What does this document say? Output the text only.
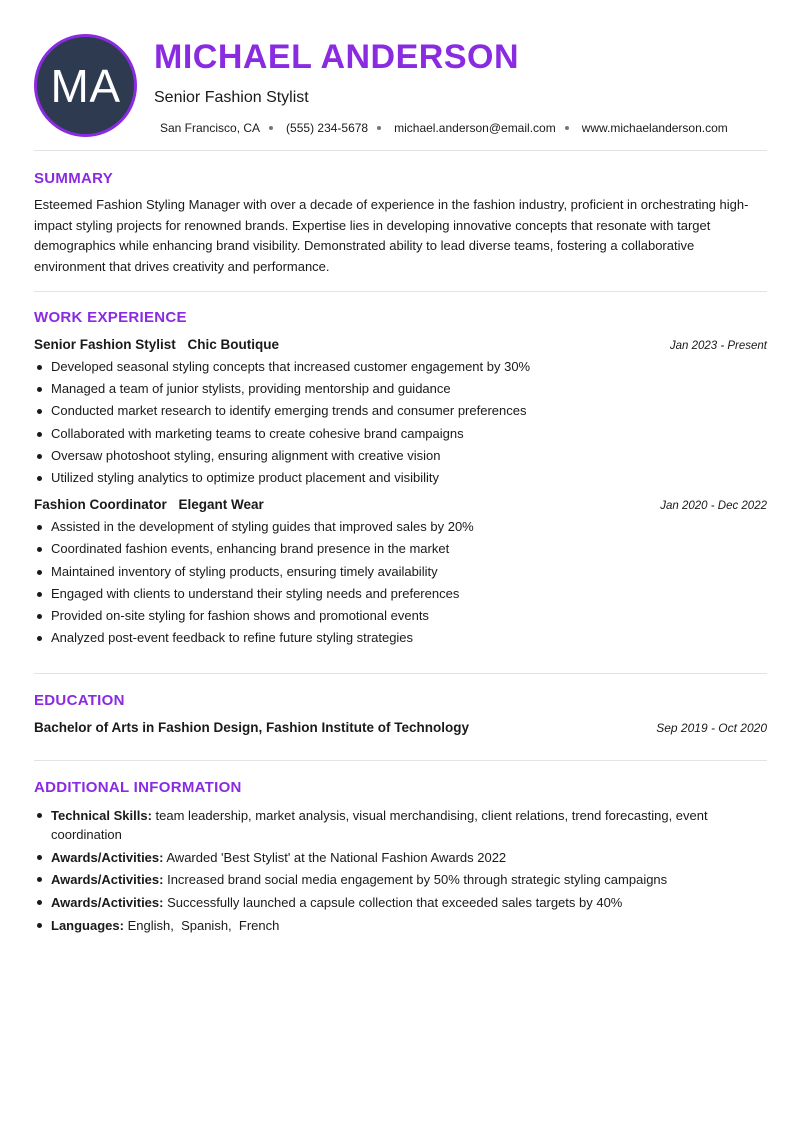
MA
MICHAEL ANDERSON
Senior Fashion Stylist
San Francisco, CA (555) 234-5678 michael.anderson@email.com www.michaelanderson.com
SUMMARY
Esteemed Fashion Styling Manager with over a decade of experience in the fashion industry, proficient in orchestrating high-impact styling projects for renowned brands. Expertise lies in developing innovative concepts that resonate with target demographics while enhancing brand visibility. Demonstrated ability to lead diverse teams, fostering a collaborative environment that drives creativity and performance.
WORK EXPERIENCE
Senior Fashion Stylist Chic Boutique	Jan 2023 - Present
Developed seasonal styling concepts that increased customer engagement by 30%
Managed a team of junior stylists, providing mentorship and guidance
Conducted market research to identify emerging trends and consumer preferences
Collaborated with marketing teams to create cohesive brand campaigns
Oversaw photoshoot styling, ensuring alignment with creative vision
Utilized styling analytics to optimize product placement and visibility
Fashion Coordinator Elegant Wear	Jan 2020 - Dec 2022
Assisted in the development of styling guides that improved sales by 20%
Coordinated fashion events, enhancing brand presence in the market
Maintained inventory of styling products, ensuring timely availability
Engaged with clients to understand their styling needs and preferences
Provided on-site styling for fashion shows and promotional events
Analyzed post-event feedback to refine future styling strategies
EDUCATION
Bachelor of Arts in Fashion Design, Fashion Institute of Technology	Sep 2019 - Oct 2020
ADDITIONAL INFORMATION
Technical Skills: team leadership, market analysis, visual merchandising, client relations, trend forecasting, event coordination
Awards/Activities: Awarded 'Best Stylist' at the National Fashion Awards 2022
Awards/Activities: Increased brand social media engagement by 50% through strategic styling campaigns
Awards/Activities: Successfully launched a capsule collection that exceeded sales targets by 40%
Languages: English,  Spanish,  French
